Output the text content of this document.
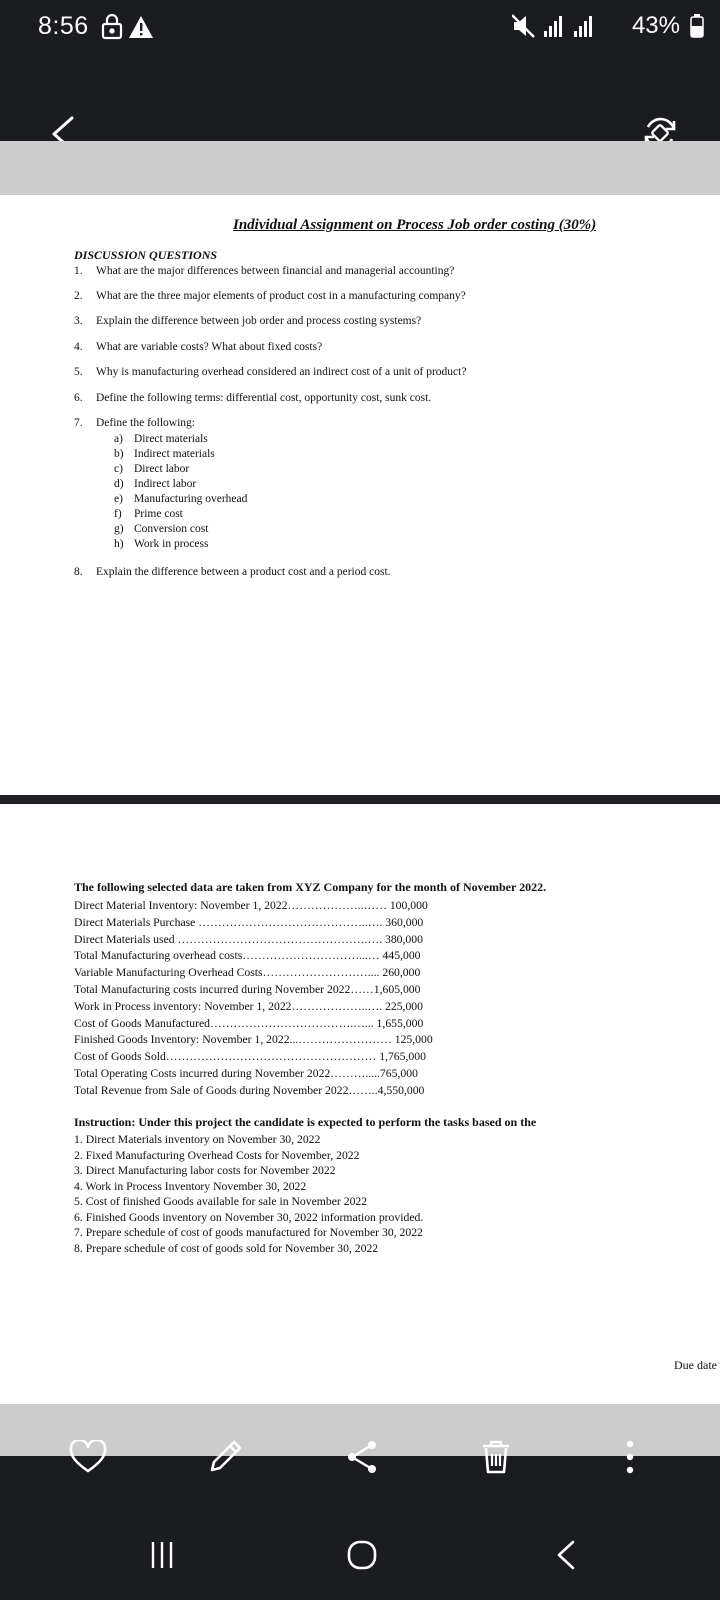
8:56	43%
Individual Assignment on Process Job order costing (30%)
DISCUSSION QUESTIONS
1. What are the major differences between financial and managerial accounting?
2. What are the three major elements of product cost in a manufacturing company?
3. Explain the difference between job order and process costing systems?
4. What are variable costs? What about fixed costs?
5. Why is manufacturing overhead considered an indirect cost of a unit of product?
6. Define the following terms: differential cost, opportunity cost, sunk cost.
7. Define the following:
a) Direct materials
b) Indirect materials
c) Direct labor
d) Indirect labor
e) Manufacturing overhead
f) Prime cost
g) Conversion cost
h) Work in process
8. Explain the difference between a product cost and a period cost.
The following selected data are taken from XYZ Company for the month of November 2022.
Direct Material Inventory: November 1, 2022………………..…… 100,000
Direct Materials Purchase ……………………………………..…. 360,000
Direct Materials used ………………………………………….…. 380,000
Total Manufacturing overhead costs…………………………...… 445,000
Variable Manufacturing Overhead Costs……………………….... 260,000
Total Manufacturing costs incurred during November 2022……1,605,000
Work in Process inventory: November 1, 2022………………..…. 225,000
Cost of Goods Manufactured……………………………….…... 1,655,000
Finished Goods Inventory: November 1, 2022...…………………… 125,000
Cost of Goods Sold……………………………………………… 1,765,000
Total Operating Costs incurred during November 2022……….....765,000
Total Revenue from Sale of Goods during November 2022……..4,550,000
Instruction: Under this project the candidate is expected to perform the tasks based on the
1. Direct Materials inventory on November 30, 2022
2. Fixed Manufacturing Overhead Costs for November, 2022
3. Direct Manufacturing labor costs for November 2022
4. Work in Process Inventory November 30, 2022
5. Cost of finished Goods available for sale in November 2022
6. Finished Goods inventory on November 30, 2022 information provided.
7. Prepare schedule of cost of goods manufactured for November 30, 2022
8. Prepare schedule of cost of goods sold for November 30, 2022
Due date
